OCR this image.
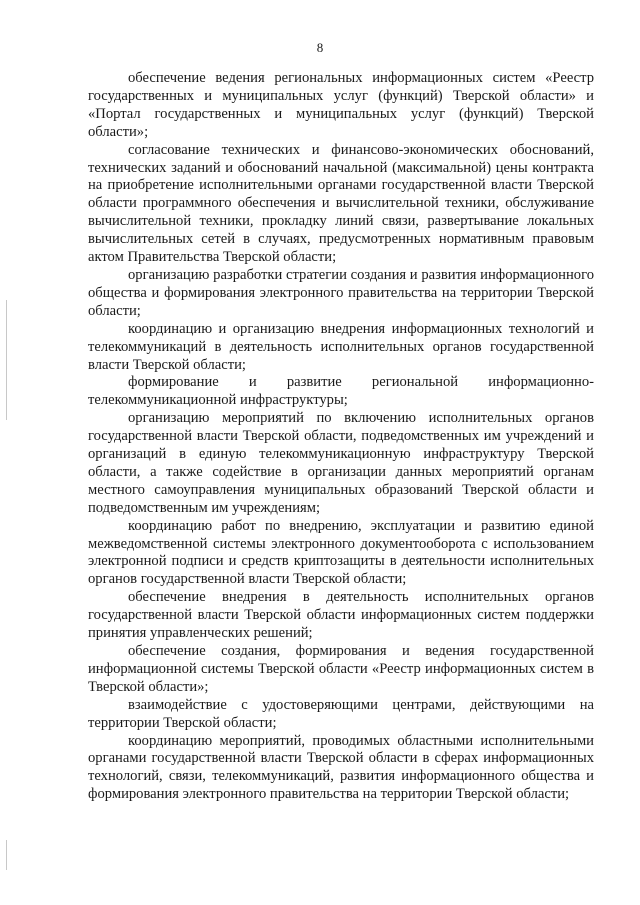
8

обеспечение ведения региональных информационных систем «Реестр государственных и муниципальных услуг (функций) Тверской области» и «Портал государственных и муниципальных услуг (функций) Тверской области»;

согласование технических и финансово-экономических обоснований, технических заданий и обоснований начальной (максимальной) цены контракта на приобретение исполнительными органами государственной власти Тверской области программного обеспечения и вычислительной техники, обслуживание вычислительной техники, прокладку линий связи, развертывание локальных вычислительных сетей в случаях, предусмотренных нормативным правовым актом Правительства Тверской области;

организацию разработки стратегии создания и развития информационного общества и формирования электронного правительства на территории Тверской области;

координацию и организацию внедрения информационных технологий и телекоммуникаций в деятельность исполнительных органов государственной власти Тверской области;

формирование и развитие региональной информационно-телекоммуникационной инфраструктуры;

организацию мероприятий по включению исполнительных органов государственной власти Тверской области, подведомственных им учреждений и организаций в единую телекоммуникационную инфраструктуру Тверской области, а также содействие в организации данных мероприятий органам местного самоуправления муниципальных образований Тверской области и подведомственным им учреждениям;

координацию работ по внедрению, эксплуатации и развитию единой межведомственной системы электронного документооборота с использованием электронной подписи и средств криптозащиты в деятельности исполнительных органов государственной власти Тверской области;

обеспечение внедрения в деятельность исполнительных органов государственной власти Тверской области информационных систем поддержки принятия управленческих решений;

обеспечение создания, формирования и ведения государственной информационной системы Тверской области «Реестр информационных систем в Тверской области»;

взаимодействие с удостоверяющими центрами, действующими на территории Тверской области;

координацию мероприятий, проводимых областными исполнительными органами государственной власти Тверской области в сферах информационных технологий, связи, телекоммуникаций, развития информационного общества и формирования электронного правительства на территории Тверской области;
